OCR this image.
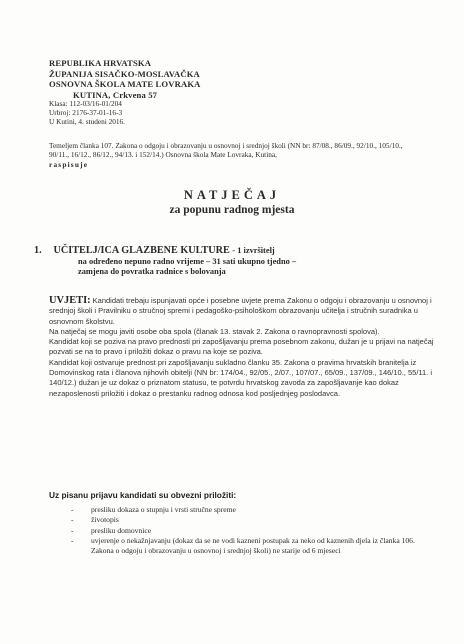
REPUBLIKA HRVATSKA
ŽUPANIJA SISAČKO-MOSLAVAČKA
OSNOVNA ŠKOLA MATE LOVRAKA
KUTINA, Crkvena 57
Klasa: 112-03/16-01/204
Urbroj: 2176-37-01-16-3
U Kutini, 4. studeni 2016.
Temeljem članka 107. Zakona o odgoju i obrazovanju u osnovnoj i srednjoj školi (NN br: 87/08., 86/09., 92/10., 105/10., 90/11., 16/12., 86/12., 94/13. i 152/14.) Osnovna škola Mate Lovraka, Kutina,
raspisuje
NATJEČAJ
za popunu radnog mjesta
1. UČITELJ/ICA GLAZBENE KULTURE - 1 izvršitelj
na određeno nepuno radno vrijeme – 31 sati ukupno tjedno –
zamjena do povratka radnice s bolovanja

UVJETI: Kandidati trebaju ispunjavati opće i posebne uvjete prema Zakonu o odgoju i obrazovanju u osnovnoj i srednjoj školi i Pravilniku o stručnoj spremi i pedagoško-psihološkom obrazovanju učitelja i stručnih suradnika u osnovnom školstvu.

Na natječaj se mogu javiti osobe oba spola (članak 13. stavak 2. Zakona o ravnopravnosti spolova).

Kandidat koji se poziva na pravo prednosti pri zapošljavanju prema posebnom zakonu, dužan je u prijavi na natječaj pozvati se na to pravo i priložiti dokaz o pravu na koje se poziva.

Kandidat koji ostvaruje prednost pri zapošljavanju sukladno članku 35. Zakona o pravima hrvatskih branitelja iz Domovinskog rata i članova njihovih obitelji (NN br: 174/04., 92/05., 2/07., 107/07., 65/09., 137/09., 146/10., 55/11. i 140/12.) dužan je uz dokaz o priznatom statusu, te potvrdu hrvatskog zavoda za zapošljavanje kao dokaz nezaposlenosti priložiti i dokaz o prestanku radnog odnosa kod posljednjeg poslodavca.

Uz pisanu prijavu kandidati su obvezni priložiti:
- presliku dokaza o stupnju i vrsti stručne spreme
- životopis
- presliku domovnice
- uvjerenje o nekažnjavanju (dokaz da se ne vodi kazneni postupak za neko od kaznenih djela iz članka 106. Zakona o odgoju i obrazovanju u osnovnoj i srednjoj školi) ne starije od 6 mjeseci
